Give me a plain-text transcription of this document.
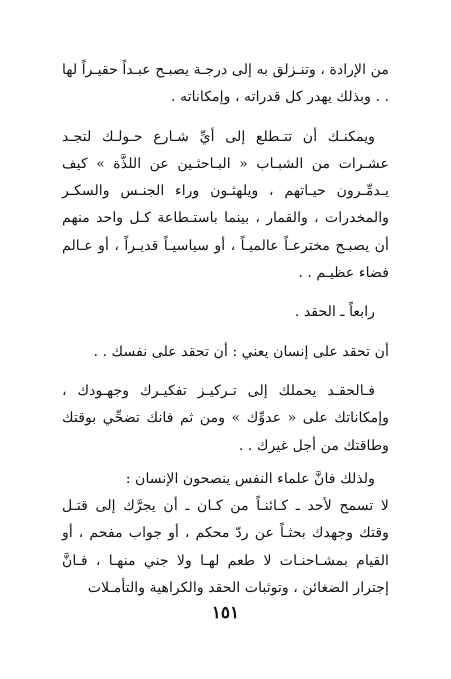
من الإرادة ، وتنـزلق به إلى درجـة يصبـح عبـداً حقيـراً لها . . وبذلك يهدر كل قدراته ، وإمكاناته .

ويمكنـك أن تتـطلع إلى أيِّ شـارع حـولـك لتجـد عشـرات من الشبـاب « البـاحثـين عن اللذَّة » كيف يـدمِّـرون حيـاتهم ، ويلهثـون وراء الجنـس والسكـر والمخدرات ، والقمار ، بينما باستـطاعة كـل واحد منهم أن يصبـح مخترعـاً عالميـاً ، أو سياسيـاً قديـراً ، أو عـالم فضاء عظيـم . .

رابعاً ـ الحقد .

أن تحقد على إنسان يعني : أن تحقد على نفسك . .

فـالحقـد يحملك إلى تـركيـز تفكيـرك وجهـودك ، وإمكاناتك على « عدوِّك » ومن ثم فانك تضحِّي بوقتك وطاقتك من أجل غيرك . .

ولذلك فانَّ علماء النفس ينصحون الإنسان :

لا تسمح لأحد ـ كـائنـاً من كـان ـ أن يجرَّك إلى قتـل وقتك وجهدك بحثـاً عن ردّ محكم ، أو جواب مفحم ، أو القيام بمشـاحنـات لا طعم لهـا ولا جني منهـا ، فـانَّ إجترار الضغائن ، وتوثبات الحقد والكراهية والتأمـلات

١٥١
